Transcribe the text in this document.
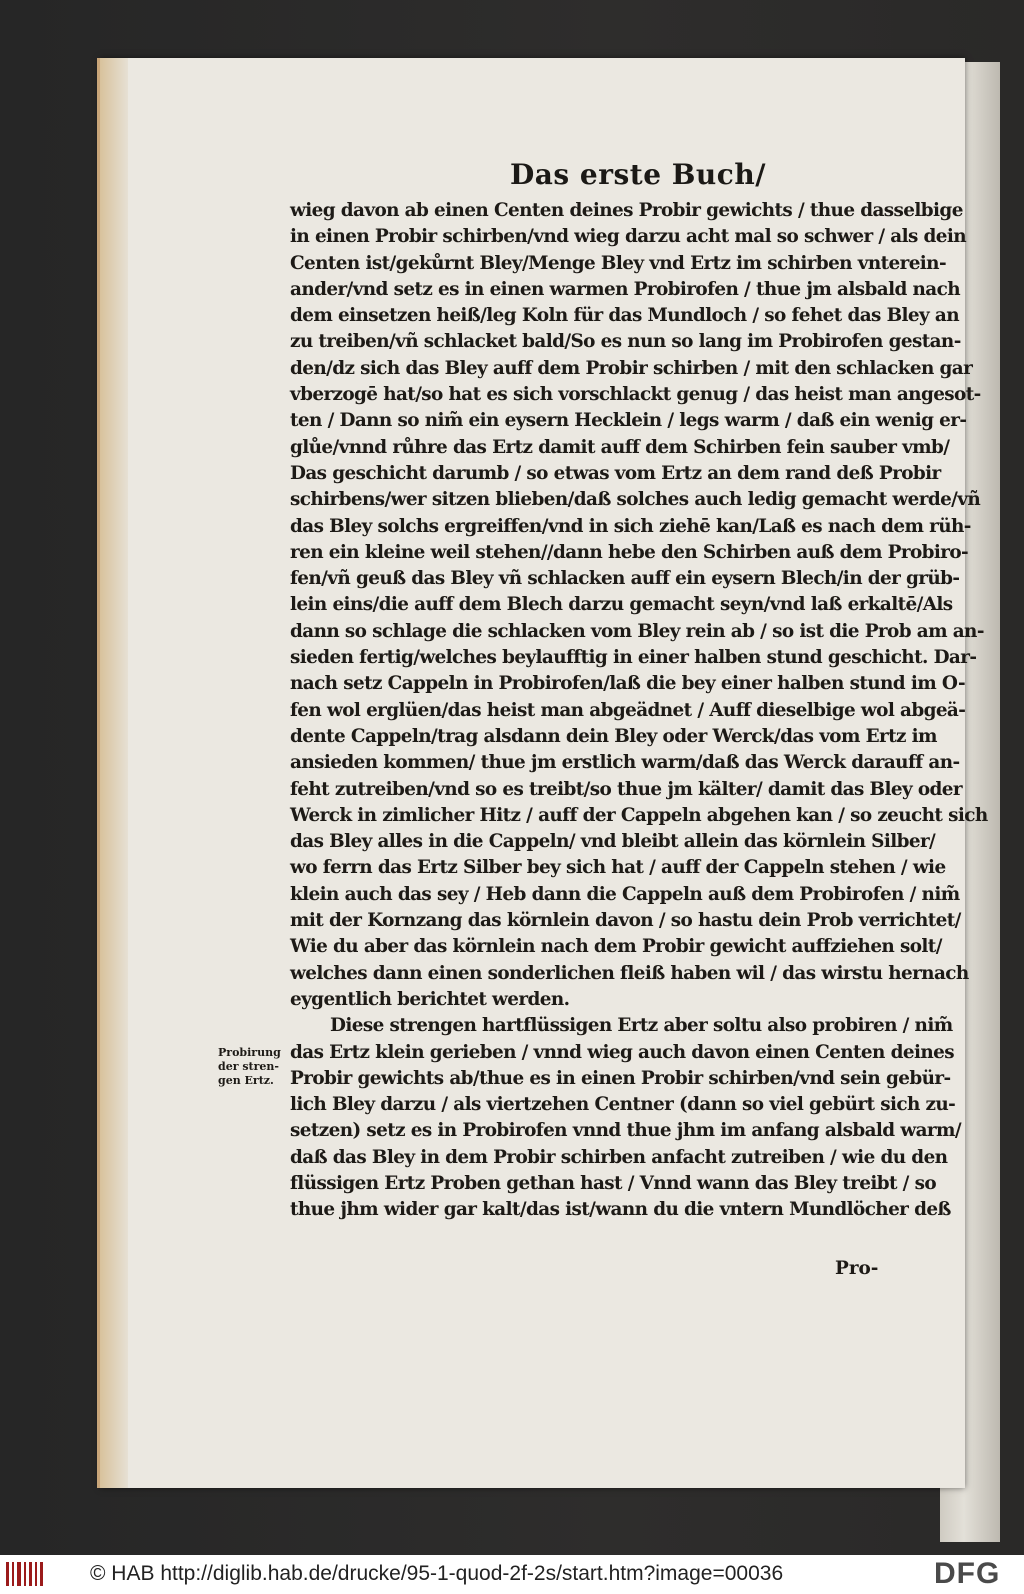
Das erste Buch/
Probirung
der stren-
gen Ertz.
wieg davon ab einen Centen deines Probir gewichts / thue dasselbige
in einen Probir schirben/vnd wieg darzu acht mal so schwer / als dein
Centen ist/gekůrnt Bley/Menge Bley vnd Ertz im schirben vnterein-
ander/vnd setz es in einen warmen Probirofen / thue jm alsbald nach
dem einsetzen heiß/leg Koln für das Mundloch / so fehet das Bley an
zu treiben/vñ schlacket bald/So es nun so lang im Probirofen gestan-
den/dz sich das Bley auff dem Probir schirben / mit den schlacken gar
vberzogē hat/so hat es sich vorschlackt genug / das heist man angesot-
ten / Dann so nim̃ ein eysern Hecklein / legs warm / daß ein wenig er-
glůe/vnnd růhre das Ertz damit auff dem Schirben fein sauber vmb/
Das geschicht darumb / so etwas vom Ertz an dem rand deß Probir
schirbens/wer sitzen blieben/daß solches auch ledig gemacht werde/vñ
das Bley solchs ergreiffen/vnd in sich ziehē kan/Laß es nach dem rüh-
ren ein kleine weil stehen//dann hebe den Schirben auß dem Probiro-
fen/vñ geuß das Bley vñ schlacken auff ein eysern Blech/in der grüb-
lein eins/die auff dem Blech darzu gemacht seyn/vnd laß erkaltē/Als
dann so schlage die schlacken vom Bley rein ab / so ist die Prob am an-
sieden fertig/welches beylaufftig in einer halben stund geschicht. Dar-
nach setz Cappeln in Probirofen/laß die bey einer halben stund im O-
fen wol erglüen/das heist man abgeädnet / Auff dieselbige wol abgeä-
dente Cappeln/trag alsdann dein Bley oder Werck/das vom Ertz im
ansieden kommen/ thue jm erstlich warm/daß das Werck darauff an-
feht zutreiben/vnd so es treibt/so thue jm kälter/ damit das Bley oder
Werck in zimlicher Hitz / auff der Cappeln abgehen kan / so zeucht sich
das Bley alles in die Cappeln/ vnd bleibt allein das körnlein Silber/
wo ferrn das Ertz Silber bey sich hat / auff der Cappeln stehen / wie
klein auch das sey / Heb dann die Cappeln auß dem Probirofen / nim̃
mit der Kornzang das körnlein davon / so hastu dein Prob verrichtet/
Wie du aber das körnlein nach dem Probir gewicht auffziehen solt/
welches dann einen sonderlichen fleiß haben wil / das wirstu hernach
eygentlich berichtet werden.
Diese strengen hartflüssigen Ertz aber soltu also probiren / nim̃
das Ertz klein gerieben / vnnd wieg auch davon einen Centen deines
Probir gewichts ab/thue es in einen Probir schirben/vnd sein gebür-
lich Bley darzu / als viertzehen Centner (dann so viel gebürt sich zu-
setzen) setz es in Probirofen vnnd thue jhm im anfang alsbald warm/
daß das Bley in dem Probir schirben anfacht zutreiben / wie du den
flüssigen Ertz Proben gethan hast / Vnnd wann das Bley treibt / so
thue jhm wider gar kalt/das ist/wann du die vntern Mundlöcher deß
Pro-
© HAB http://diglib.hab.de/drucke/95-1-quod-2f-2s/start.htm?image=00036	DFG
